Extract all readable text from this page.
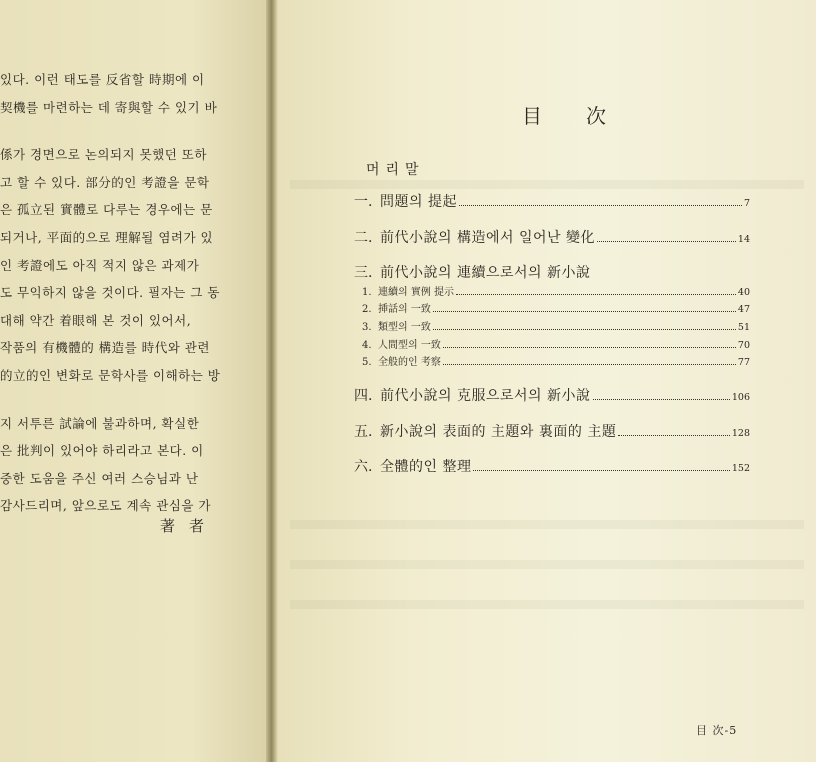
있다. 이런 태도를 反省할 時期에 이
契機를 마련하는 데 寄與할 수 있기 바
係가 경면으로 논의되지 못했던 또하
고 할 수 있다. 部分的인 考證을 문학
은 孤立된 實體로 다루는 경우에는 문
되거나, 平面的으로 理解될 염려가 있
인 考證에도 아직 적지 않은 과제가
도 무익하지 않을 것이다. 필자는 그 동
대해 약간 着眼해 본 것이 있어서,
작품의 有機體的 構造를 時代와 관련
的立的인 변화로 문학사를 이해하는 방
지 서투른 試論에 불과하며, 확실한
은 批判이 있어야 하리라고 본다. 이
중한 도움을 주신 여러 스승님과 난
감사드리며, 앞으로도 계속 관심을 가
著者
目次
머리말
一. 問題의 提起	7
二. 前代小說의 構造에서 일어난 變化	14
三. 前代小說의 連續으로서의 新小說
1. 連續의 實例 提示	40
2. 挿話의 一致	47
3. 類型의 一致	51
4. 人間型의 一致	70
5. 全般的인 考察	77
四. 前代小說의 克服으로서의 新小說	106
五. 新小說의 表面的 主題와 裏面的 主題	128
六. 全體的인 整理	152
目 次-5
